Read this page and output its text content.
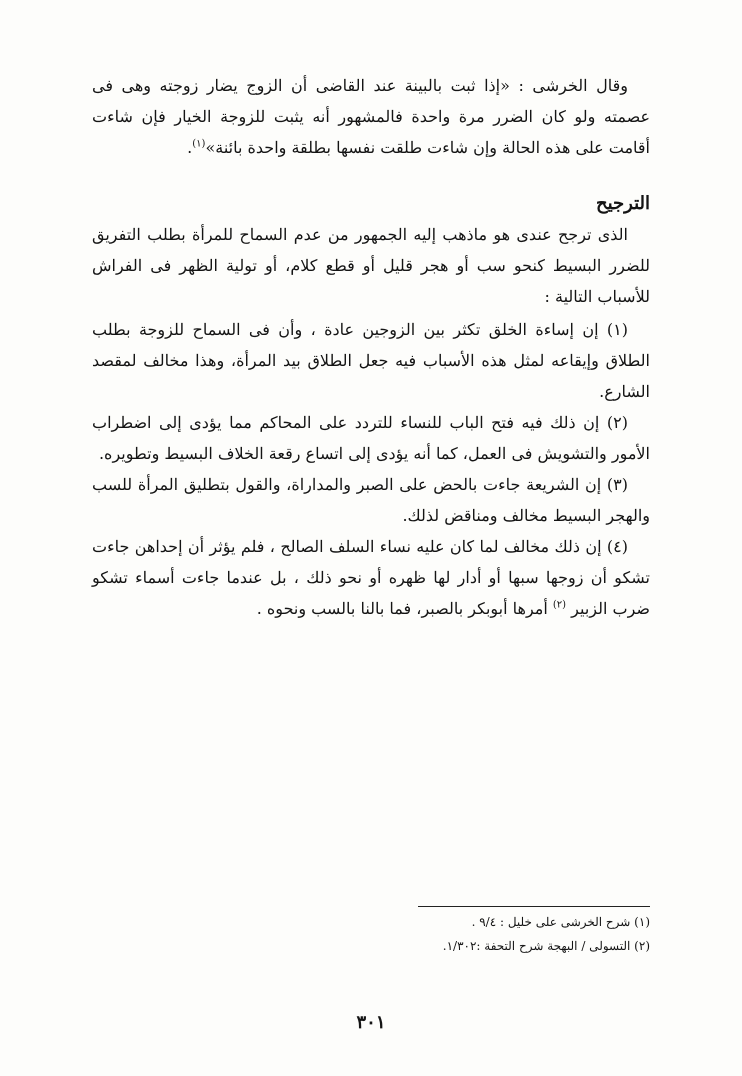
وقال الخرشى : «إذا ثبت بالبينة عند القاضى أن الزوج يضار زوجته وهى فى عصمته ولو كان الضرر مرة واحدة فالمشهور أنه يثبت للزوجة الخيار فإن شاءت أقامت على هذه الحالة وإن شاءت طلقت نفسها بطلقة واحدة بائنة»$^{(١)}$.

الترجيح

الذى ترجح عندى هو ماذهب إليه الجمهور من عدم السماح للمرأة بطلب التفريق للضرر البسيط كنحو سب أو هجر قليل أو قطع كلام، أو تولية الظهر فى الفراش للأسباب التالية :

(١) إن إساءة الخلق تكثر بين الزوجين عادة ، وأن فى السماح للزوجة بطلب الطلاق وإيقاعه لمثل هذه الأسباب فيه جعل الطلاق بيد المرأة، وهذا مخالف لمقصد الشارع.

(٢) إن ذلك فيه فتح الباب للنساء للتردد على المحاكم مما يؤدى إلى اضطراب الأمور والتشويش فى العمل، كما أنه يؤدى إلى اتساع رقعة الخلاف البسيط وتطويره.

(٣) إن الشريعة جاءت بالحض على الصبر والمداراة، والقول بتطليق المرأة للسب والهجر البسيط مخالف ومناقض لذلك.

(٤) إن ذلك مخالف لما كان عليه نساء السلف الصالح ، فلم يؤثر أن إحداهن جاءت تشكو أن زوجها سبها أو أدار لها ظهره أو نحو ذلك ، بل عندما جاءت أسماء تشكو ضرب الزبير $^{(٢)}$ أمرها أبوبكر بالصبر، فما بالنا بالسب ونحوه .

(١) شرح الخرشى على خليل : ٩/٤ .

(٢) التسولى / البهجة شرح التحفة :١/٣٠٢.

٣٠١
